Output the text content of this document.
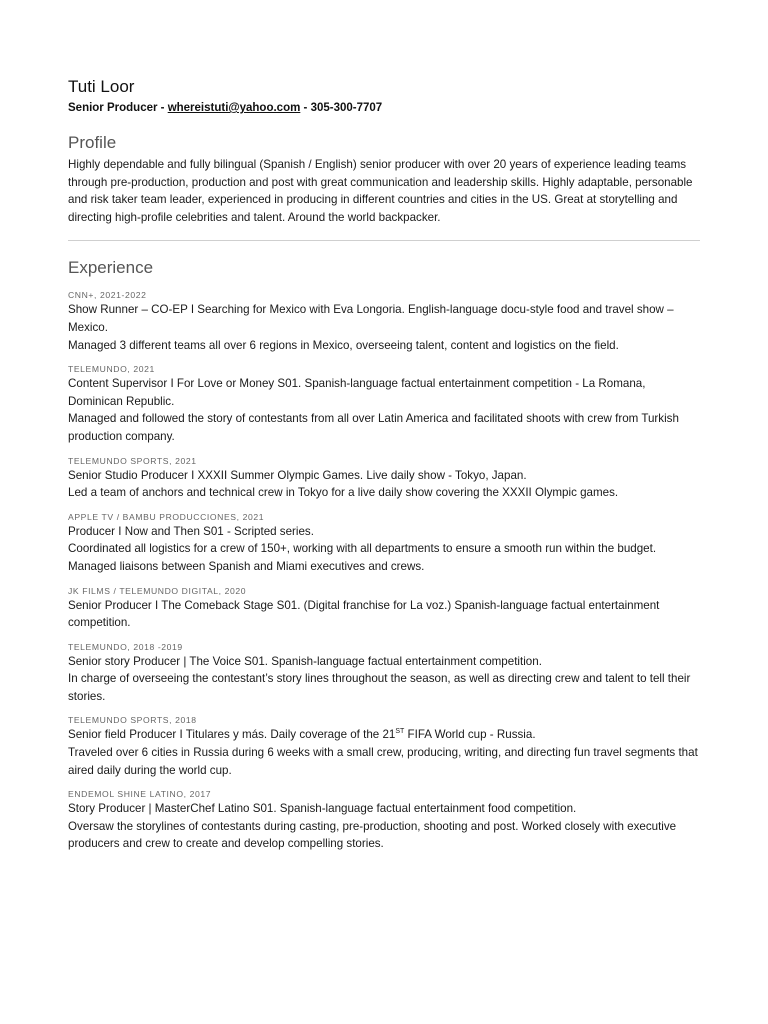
Tuti Loor
Senior Producer - whereistuti@yahoo.com - 305-300-7707
Profile

Highly dependable and fully bilingual (Spanish / English) senior producer with over 20 years of experience leading teams through pre-production, production and post with great communication and leadership skills. Highly adaptable, personable and risk taker team leader, experienced in producing in different countries and cities in the US. Great at storytelling and directing high-profile celebrities and talent. Around the world backpacker.

Experience
CNN+, 2021-2022
Show Runner – CO-EP I Searching for Mexico with Eva Longoria. English-language docu-style food and travel show – Mexico.
Managed 3 different teams all over 6 regions in Mexico, overseeing talent, content and logistics on the field.
TELEMUNDO, 2021
Content Supervisor I For Love or Money S01. Spanish-language factual entertainment competition - La Romana, Dominican Republic.
Managed and followed the story of contestants from all over Latin America and facilitated shoots with crew from Turkish production company.
TELEMUNDO SPORTS, 2021
Senior Studio Producer I XXXII Summer Olympic Games. Live daily show - Tokyo, Japan.
Led a team of anchors and technical crew in Tokyo for a live daily show covering the XXXII Olympic games.
APPLE TV / BAMBU PRODUCCIONES, 2021
Producer I Now and Then S01 - Scripted series.
Coordinated all logistics for a crew of 150+, working with all departments to ensure a smooth run within the budget. Managed liaisons between Spanish and Miami executives and crews.
JK FILMS / TELEMUNDO DIGITAL, 2020
Senior Producer I The Comeback Stage S01. (Digital franchise for La voz.) Spanish-language factual entertainment competition.
TELEMUNDO, 2018 -2019
Senior story Producer | The Voice S01. Spanish-language factual entertainment competition.
In charge of overseeing the contestant’s story lines throughout the season, as well as directing crew and talent to tell their stories.
TELEMUNDO SPORTS, 2018
Senior field Producer I Titulares y más. Daily coverage of the 21ST FIFA World cup - Russia.
Traveled over 6 cities in Russia during 6 weeks with a small crew, producing, writing, and directing fun travel segments that aired daily during the world cup.
ENDEMOL SHINE LATINO, 2017
Story Producer | MasterChef Latino S01. Spanish-language factual entertainment food competition.
Oversaw the storylines of contestants during casting, pre-production, shooting and post. Worked closely with executive producers and crew to create and develop compelling stories.
